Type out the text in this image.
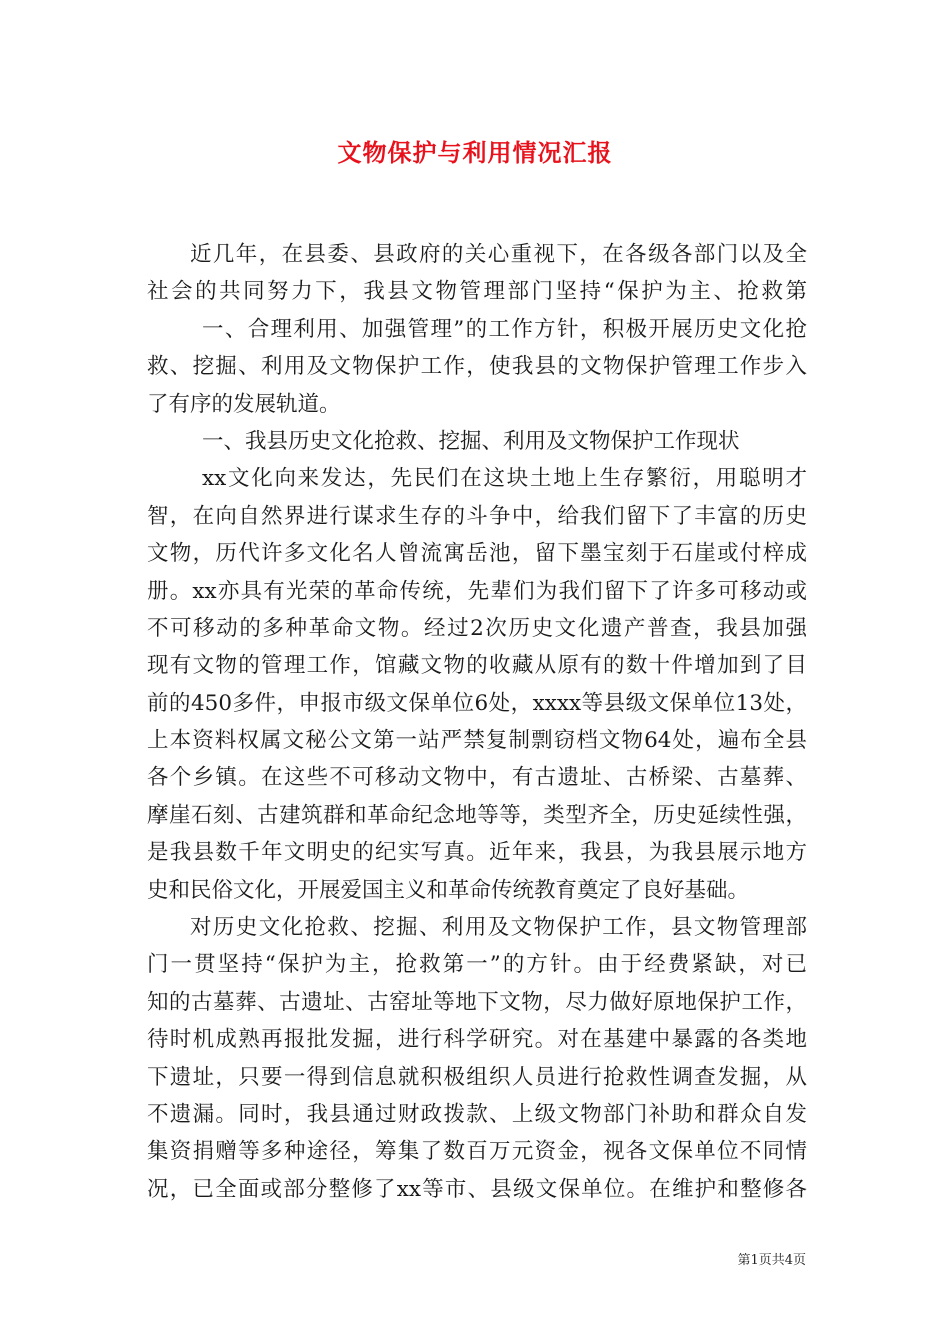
文物保护与利用情况汇报
近几年，在县委、县政府的关心重视下，在各级各部门以及全
社会的共同努力下，我县文物管理部门坚持“保护为主、抢救第
一、合理利用、加强管理”的工作方针，积极开展历史文化抢
救、挖掘、利用及文物保护工作，使我县的文物保护管理工作步入
了有序的发展轨道。
一、我县历史文化抢救、挖掘、利用及文物保护工作现状
xx文化向来发达，先民们在这块土地上生存繁衍，用聪明才
智，在向自然界进行谋求生存的斗争中，给我们留下了丰富的历史
文物，历代许多文化名人曾流寓岳池，留下墨宝刻于石崖或付梓成
册。xx亦具有光荣的革命传统，先辈们为我们留下了许多可移动或
不可移动的多种革命文物。经过2次历史文化遗产普查，我县加强
现有文物的管理工作，馆藏文物的收藏从原有的数十件增加到了目
前的450多件，申报市级文保单位6处，xxxx等县级文保单位13处，
上本资料权属文秘公文第一站严禁复制剽窃档文物64处，遍布全县
各个乡镇。在这些不可移动文物中，有古遗址、古桥梁、古墓葬、
摩崖石刻、古建筑群和革命纪念地等等，类型齐全，历史延续性强，
是我县数千年文明史的纪实写真。近年来，我县，为我县展示地方
史和民俗文化，开展爱国主义和革命传统教育奠定了良好基础。
对历史文化抢救、挖掘、利用及文物保护工作，县文物管理部
门一贯坚持“保护为主，抢救第一”的方针。由于经费紧缺，对已
知的古墓葬、古遗址、古窑址等地下文物，尽力做好原地保护工作，
待时机成熟再报批发掘，进行科学研究。对在基建中暴露的各类地
下遗址，只要一得到信息就积极组织人员进行抢救性调查发掘，从
不遗漏。同时，我县通过财政拨款、上级文物部门补助和群众自发
集资捐赠等多种途径，筹集了数百万元资金，视各文保单位不同情
况，已全面或部分整修了xx等市、县级文保单位。在维护和整修各
第1页共4页
